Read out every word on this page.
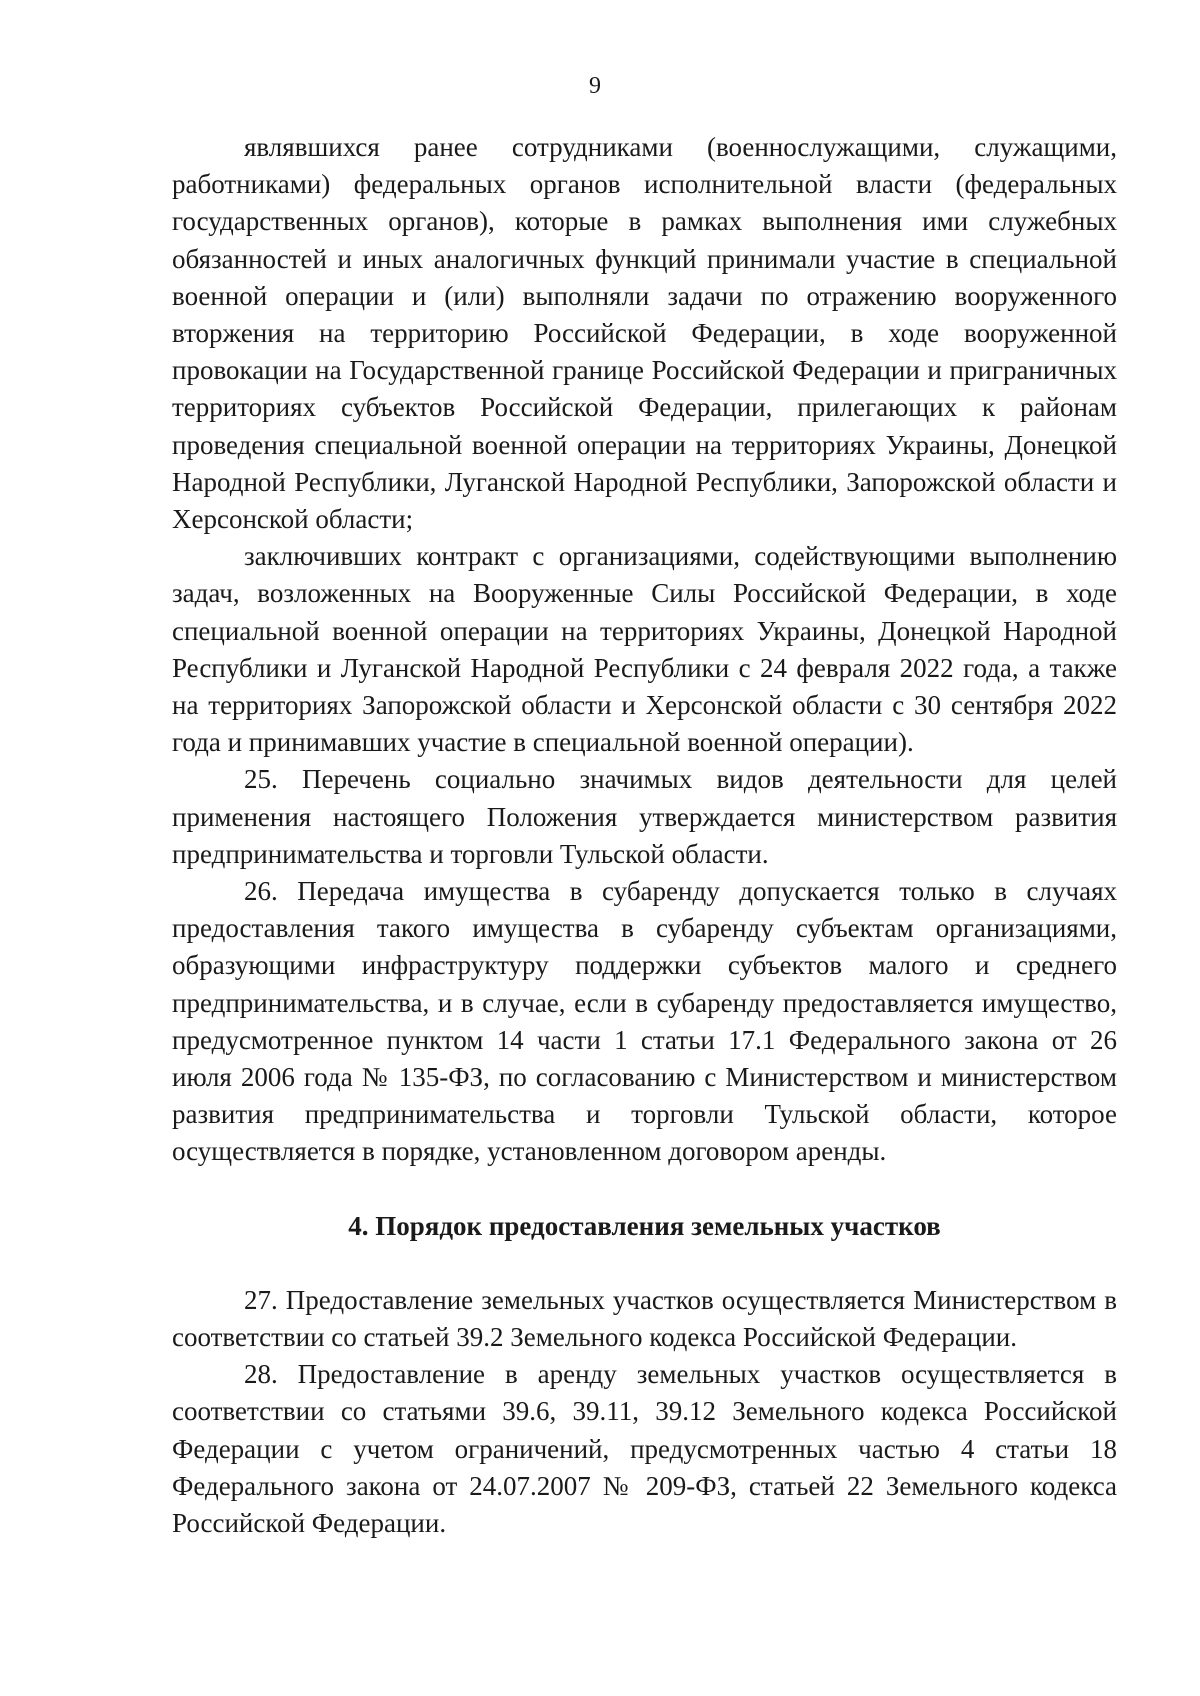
9

являвшихся ранее сотрудниками (военнослужащими, служащими, работниками) федеральных органов исполнительной власти (федеральных государственных органов), которые в рамках выполнения ими служебных обязанностей и иных аналогичных функций принимали участие в специальной военной операции и (или) выполняли задачи по отражению вооруженного вторжения на территорию Российской Федерации, в ходе вооруженной провокации на Государственной границе Российской Федерации и приграничных территориях субъектов Российской Федерации, прилегающих к районам проведения специальной военной операции на территориях Украины, Донецкой Народной Республики, Луганской Народной Республики, Запорожской области и Херсонской области;

заключивших контракт с организациями, содействующими выполнению задач, возложенных на Вооруженные Силы Российской Федерации, в ходе специальной военной операции на территориях Украины, Донецкой Народной Республики и Луганской Народной Республики с 24 февраля 2022 года, а также на территориях Запорожской области и Херсонской области с 30 сентября 2022 года и принимавших участие в специальной военной операции).

25. Перечень социально значимых видов деятельности для целей применения настоящего Положения утверждается министерством развития предпринимательства и торговли Тульской области.

26. Передача имущества в субаренду допускается только в случаях предоставления такого имущества в субаренду субъектам организациями, образующими инфраструктуру поддержки субъектов малого и среднего предпринимательства, и в случае, если в субаренду предоставляется имущество, предусмотренное пунктом 14 части 1 статьи 17.1 Федерального закона от 26 июля 2006 года № 135-ФЗ, по согласованию с Министерством и министерством развития предпринимательства и торговли Тульской области, которое осуществляется в порядке, установленном договором аренды.

4. Порядок предоставления земельных участков

27. Предоставление земельных участков осуществляется Министерством в соответствии со статьей 39.2 Земельного кодекса Российской Федерации.

28. Предоставление в аренду земельных участков осуществляется в соответствии со статьями 39.6, 39.11, 39.12 Земельного кодекса Российской Федерации с учетом ограничений, предусмотренных частью 4 статьи 18 Федерального закона от 24.07.2007 № 209-ФЗ, статьей 22 Земельного кодекса Российской Федерации.
